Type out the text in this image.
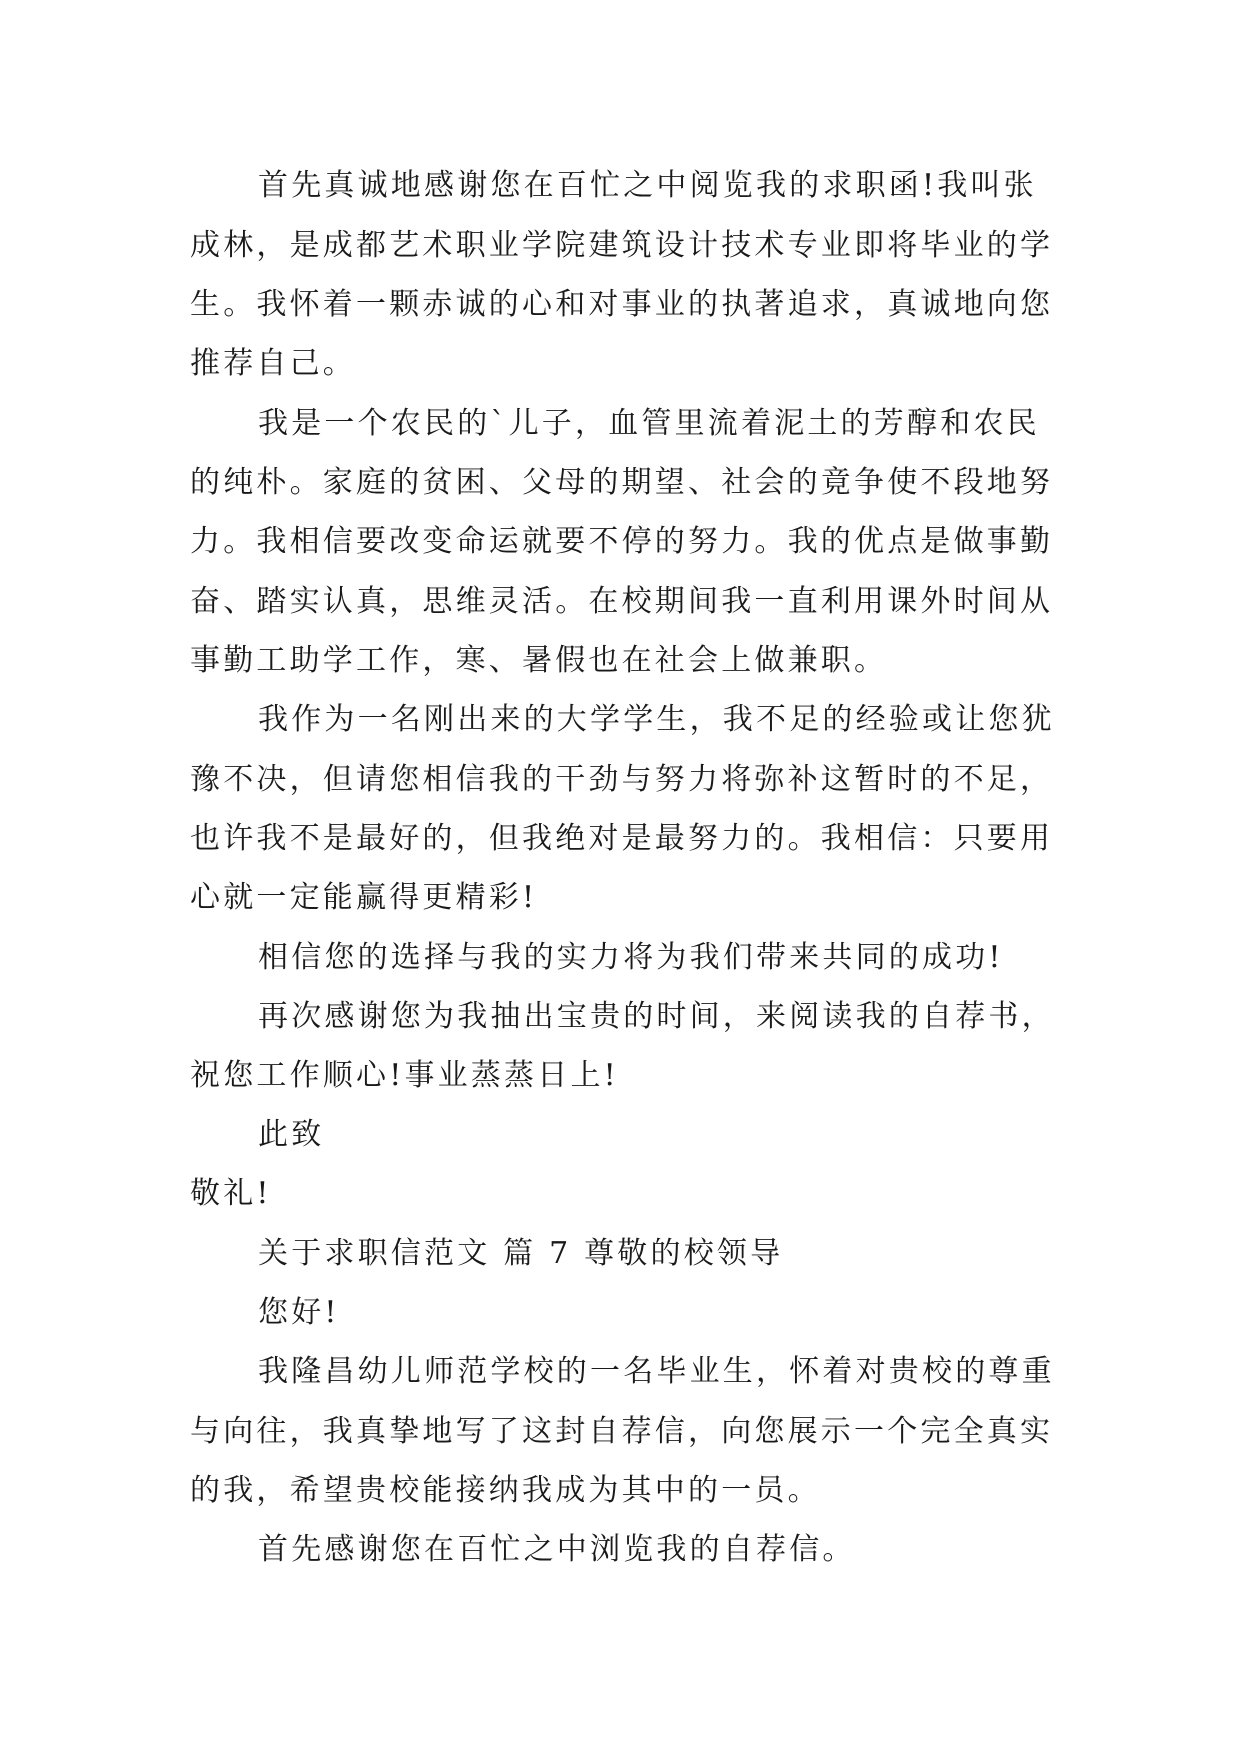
首先真诚地感谢您在百忙之中阅览我的求职函!我叫张
成林，是成都艺术职业学院建筑设计技术专业即将毕业的学
生。我怀着一颗赤诚的心和对事业的执著追求，真诚地向您
推荐自己。
我是一个农民的`儿子，血管里流着泥土的芳醇和农民
的纯朴。家庭的贫困、父母的期望、社会的竟争使不段地努
力。我相信要改变命运就要不停的努力。我的优点是做事勤
奋、踏实认真，思维灵活。在校期间我一直利用课外时间从
事勤工助学工作，寒、暑假也在社会上做兼职。
我作为一名刚出来的大学学生，我不足的经验或让您犹
豫不决，但请您相信我的干劲与努力将弥补这暂时的不足，
也许我不是最好的，但我绝对是最努力的。我相信：只要用
心就一定能赢得更精彩!
相信您的选择与我的实力将为我们带来共同的成功!
再次感谢您为我抽出宝贵的时间，来阅读我的自荐书，
祝您工作顺心!事业蒸蒸日上!
此致
敬礼!
关于求职信范文 篇 7 尊敬的校领导
您好!
我隆昌幼儿师范学校的一名毕业生，怀着对贵校的尊重
与向往，我真挚地写了这封自荐信，向您展示一个完全真实
的我，希望贵校能接纳我成为其中的一员。
首先感谢您在百忙之中浏览我的自荐信。
